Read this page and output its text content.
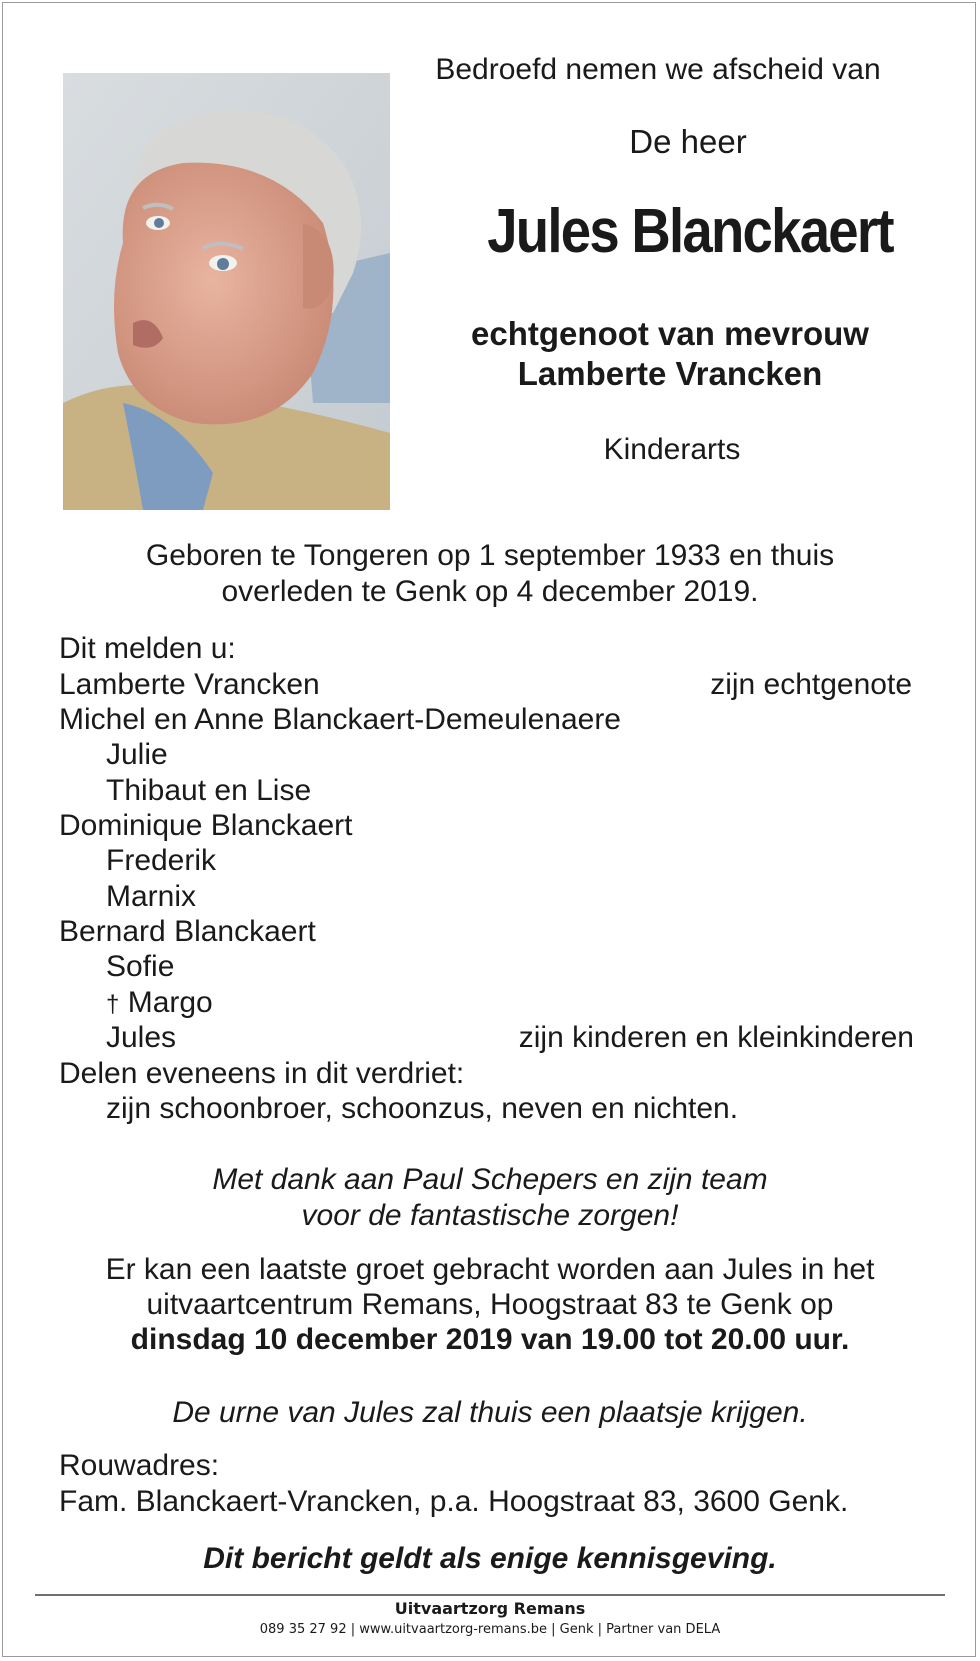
Bedroefd nemen we afscheid van
De heer
Jules Blanckaert
echtgenoot van mevrouw
Lamberte Vrancken
Kinderarts
Geboren te Tongeren op 1 september 1933 en thuis
overleden te Genk op 4 december 2019.
Dit melden u:
Lamberte Vrancken	zijn echtgenote
Michel en Anne Blanckaert-Demeulenaere
Julie
Thibaut en Lise
Dominique Blanckaert
Frederik
Marnix
Bernard Blanckaert
Sofie
† Margo
Jules	zijn kinderen en kleinkinderen
Delen eveneens in dit verdriet:
zijn schoonbroer, schoonzus, neven en nichten.
Met dank aan Paul Schepers en zijn team
voor de fantastische zorgen!
Er kan een laatste groet gebracht worden aan Jules in het
uitvaartcentrum Remans, Hoogstraat 83 te Genk op
dinsdag 10 december 2019 van 19.00 tot 20.00 uur.
De urne van Jules zal thuis een plaatsje krijgen.
Rouwadres:
Fam. Blanckaert-Vrancken, p.a. Hoogstraat 83, 3600 Genk.
Dit bericht geldt als enige kennisgeving.
Uitvaartzorg Remans
089 35 27 92 | www.uitvaartzorg-remans.be | Genk | Partner van DELA
